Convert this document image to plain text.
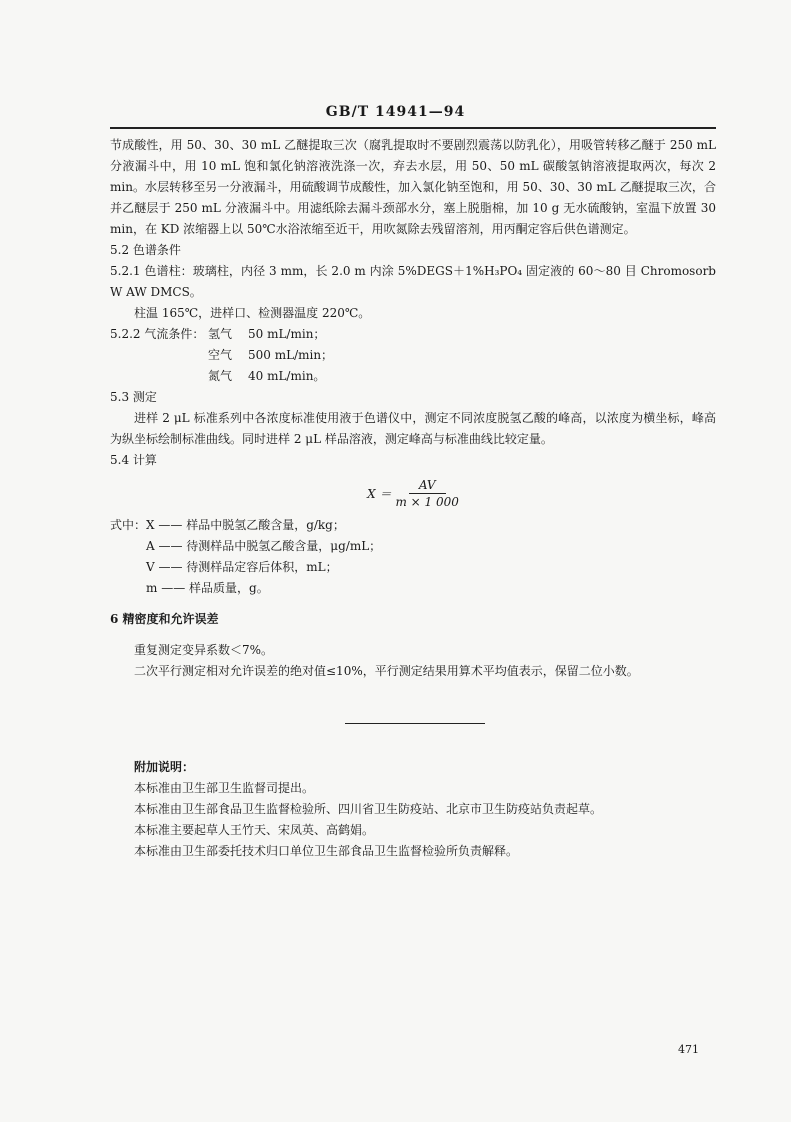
GB/T 14941—94

节成酸性，用 50、30、30 mL 乙醚提取三次（腐乳提取时不要剧烈震荡以防乳化），用吸管转移乙醚于 250 mL分液漏斗中，用 10 mL 饱和氯化钠溶液洗涤一次，弃去水层，用 50、50 mL 碳酸氢钠溶液提取两次，每次 2 min。水层转移至另一分液漏斗，用硫酸调节成酸性，加入氯化钠至饱和，用 50、30、30 mL 乙醚提取三次，合并乙醚层于 250 mL 分液漏斗中。用滤纸除去漏斗颈部水分，塞上脱脂棉，加 10 g 无水硫酸钠，室温下放置 30 min，在 KD 浓缩器上以 50℃水浴浓缩至近干，用吹氮除去残留溶剂，用丙酮定容后供色谱测定。

5.2 色谱条件

5.2.1 色谱柱：玻璃柱，内径 3 mm，长 2.0 m 内涂 5%DEGS＋1%H₃PO₄ 固定液的 60～80 目 Chromosorb W AW DMCS。

柱温 165℃，进样口、检测器温度 220℃。

5.2.2 气流条件： 氢气	50 mL/min；
空气	500 mL/min；
氮气	40 mL/min。

5.3 测定

进样 2 μL 标准系列中各浓度标准使用液于色谱仪中，测定不同浓度脱氢乙酸的峰高，以浓度为横坐标，峰高为纵坐标绘制标准曲线。同时进样 2 μL 样品溶液，测定峰高与标准曲线比较定量。

5.4 计算

$X = \frac{AV}{m \times 1 000}$

式中：X —— 样品中脱氢乙酸含量，g/kg；

A —— 待测样品中脱氢乙酸含量，μg/mL；

V —— 待测样品定容后体积，mL；

m —— 样品质量，g。

6 精密度和允许误差

重复测定变异系数＜7%。

二次平行测定相对允许误差的绝对值≤10%，平行测定结果用算术平均值表示，保留二位小数。

附加说明：

本标准由卫生部卫生监督司提出。

本标准由卫生部食品卫生监督检验所、四川省卫生防疫站、北京市卫生防疫站负责起草。

本标准主要起草人王竹天、宋凤英、高鹤娟。

本标准由卫生部委托技术归口单位卫生部食品卫生监督检验所负责解释。

471
